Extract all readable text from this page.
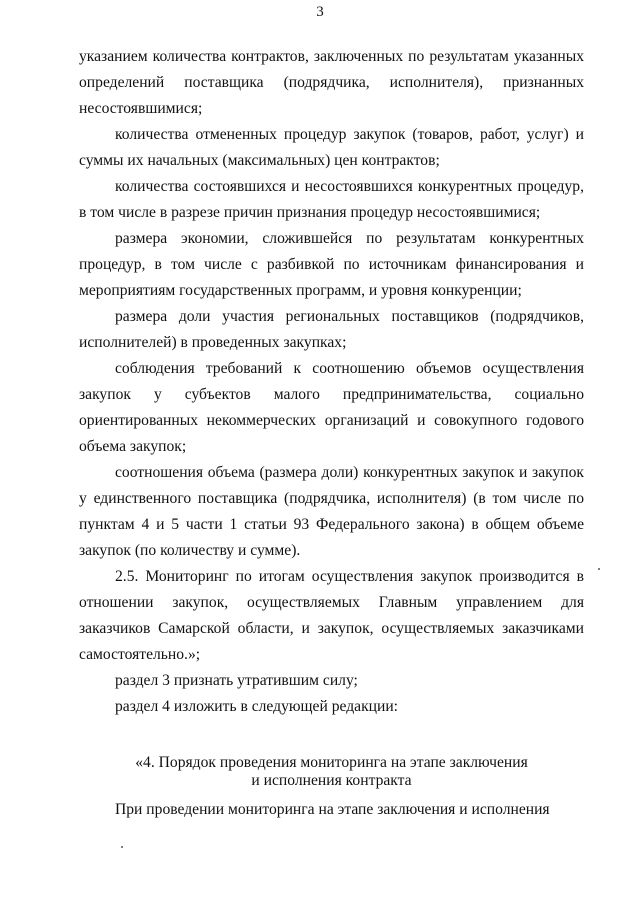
3

указанием количества контрактов, заключенных по результатам указанных определений поставщика (подрядчика, исполнителя), признанных несостоявшимися;

количества отмененных процедур закупок (товаров, работ, услуг) и суммы их начальных (максимальных) цен контрактов;

количества состоявшихся и несостоявшихся конкурентных процедур, в том числе в разрезе причин признания процедур несостоявшимися;

размера экономии, сложившейся по результатам конкурентных процедур, в том числе с разбивкой по источникам финансирования и мероприятиям государственных программ, и уровня конкуренции;

размера доли участия региональных поставщиков (подрядчиков, исполнителей) в проведенных закупках;

соблюдения требований к соотношению объемов осуществления закупок у субъектов малого предпринимательства, социально ориентированных некоммерческих организаций и совокупного годового объема закупок;

соотношения объема (размера доли) конкурентных закупок и закупок у единственного поставщика (подрядчика, исполнителя) (в том числе по пунктам 4 и 5 части 1 статьи 93 Федерального закона) в общем объеме закупок (по количеству и сумме).

2.5. Мониторинг по итогам осуществления закупок производится в отношении закупок, осуществляемых Главным управлением для заказчиков Самарской области, и закупок, осуществляемых заказчиками самостоятельно.»;

раздел 3 признать утратившим силу;

раздел 4 изложить в следующей редакции:

«4. Порядок проведения мониторинга на этапе заключения

и исполнения контракта

При проведении мониторинга на этапе заключения и исполнения
